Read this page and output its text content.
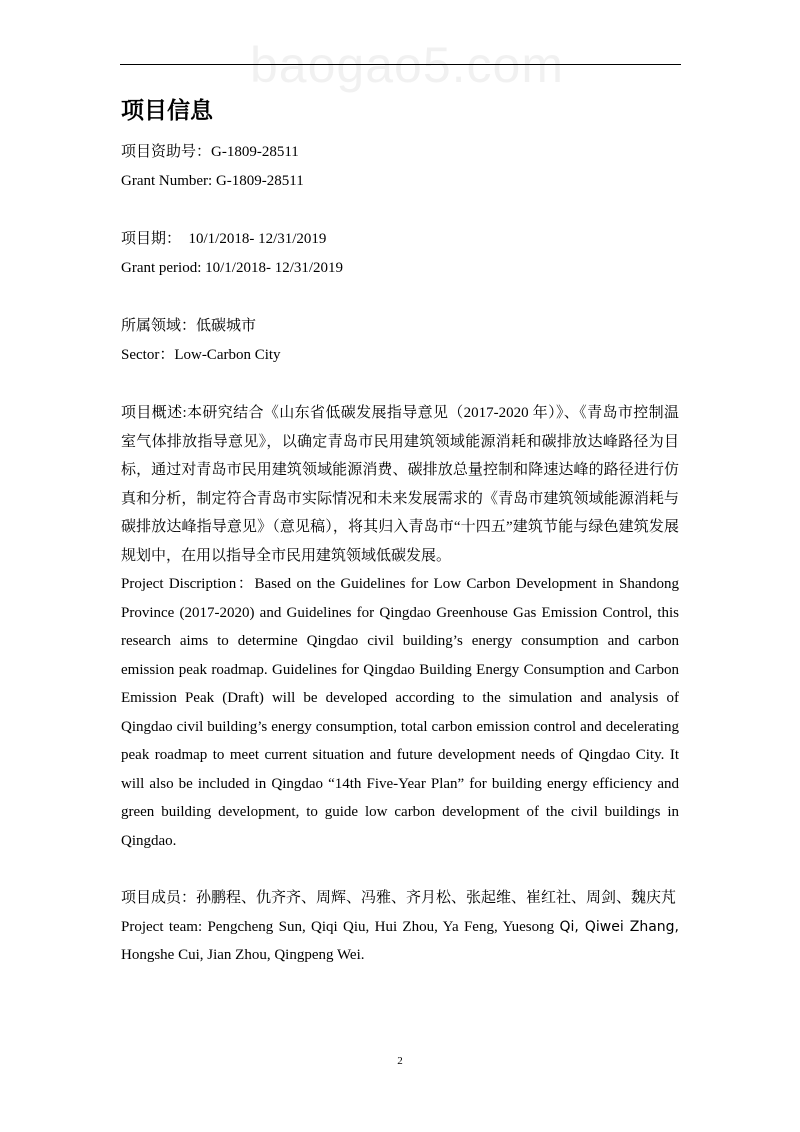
baogao5.com
项目信息
项目资助号：G-1809-28511
Grant Number: G-1809-28511
项目期：  10/1/2018- 12/31/2019
Grant period: 10/1/2018- 12/31/2019
所属领域：低碳城市
Sector：Low-Carbon City

项目概述:本研究结合《山东省低碳发展指导意见（2017-2020 年）》、《青岛市控制温室气体排放指导意见》，以确定青岛市民用建筑领域能源消耗和碳排放达峰路径为目标，通过对青岛市民用建筑领域能源消费、碳排放总量控制和降速达峰的路径进行仿真和分析，制定符合青岛市实际情况和未来发展需求的《青岛市建筑领域能源消耗与碳排放达峰指导意见》（意见稿），将其归入青岛市“十四五”建筑节能与绿色建筑发展规划中，在用以指导全市民用建筑领域低碳发展。

Project Discription：Based on the Guidelines for Low Carbon Development in Shandong Province (2017-2020) and Guidelines for Qingdao Greenhouse Gas Emission Control, this research aims to determine Qingdao civil building’s energy consumption and carbon emission peak roadmap. Guidelines for Qingdao Building Energy Consumption and Carbon Emission Peak (Draft) will be developed according to the simulation and analysis of Qingdao civil building’s energy consumption, total carbon emission control and decelerating peak roadmap to meet current situation and future development needs of Qingdao City. It will also be included in Qingdao “14th Five-Year Plan” for building energy efficiency and green building development, to guide low carbon development of the civil buildings in Qingdao.

项目成员：孙鹏程、仇齐齐、周辉、冯雅、齐月松、张起维、崔红社、周剑、魏庆芃

Project team: Pengcheng Sun, Qiqi Qiu, Hui Zhou, Ya Feng, Yuesong Qi, Qiwei Zhang, Hongshe Cui, Jian Zhou, Qingpeng Wei.

2
